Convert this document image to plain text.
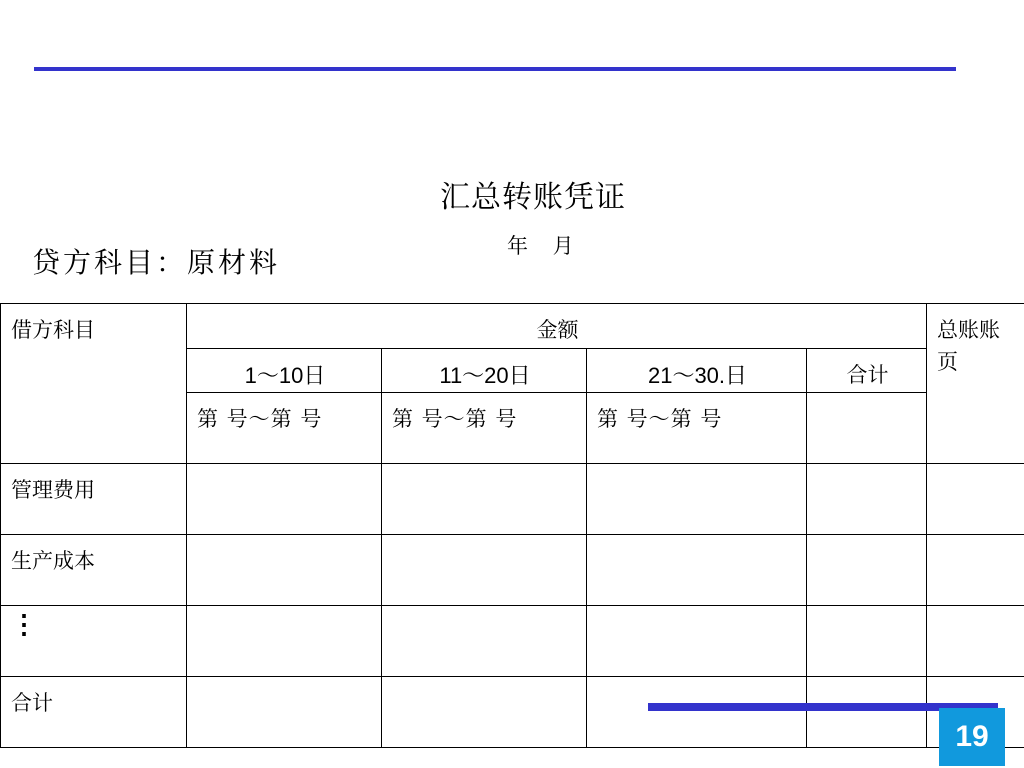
汇总转账凭证
年 月
贷方科目：原材料
借方科目	金额				总账账页
	1～10日	11～20日	21～30.日	合计	
	第 号～第 号	第 号～第 号	第 号～第 号		
管理费用					
生产成本					
⋮					
合计					
19
